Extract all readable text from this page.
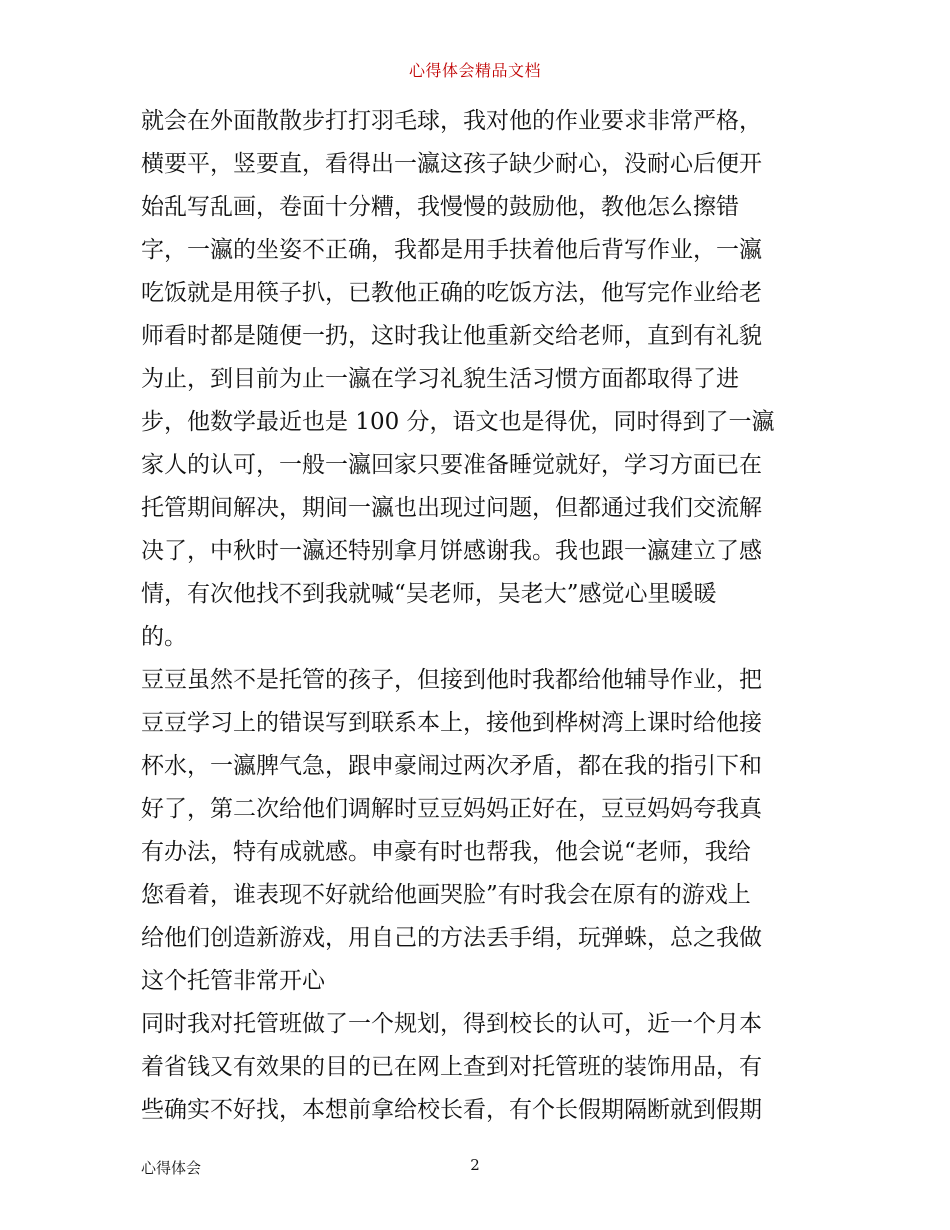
心得体会精品文档
就会在外面散散步打打羽毛球，我对他的作业要求非常严格，
横要平，竖要直，看得出一瀛这孩子缺少耐心，没耐心后便开
始乱写乱画，卷面十分糟，我慢慢的鼓励他，教他怎么擦错
字，一瀛的坐姿不正确，我都是用手扶着他后背写作业，一瀛
吃饭就是用筷子扒，已教他正确的吃饭方法，他写完作业给老
师看时都是随便一扔，这时我让他重新交给老师，直到有礼貌
为止，到目前为止一瀛在学习礼貌生活习惯方面都取得了进
步，他数学最近也是 100 分，语文也是得优，同时得到了一瀛
家人的认可，一般一瀛回家只要准备睡觉就好，学习方面已在
托管期间解决，期间一瀛也出现过问题，但都通过我们交流解
决了，中秋时一瀛还特别拿月饼感谢我。我也跟一瀛建立了感
情，有次他找不到我就喊“吴老师，吴老大”感觉心里暖暖
的。
豆豆虽然不是托管的孩子，但接到他时我都给他辅导作业，把
豆豆学习上的错误写到联系本上，接他到桦树湾上课时给他接
杯水，一瀛脾气急，跟申豪闹过两次矛盾，都在我的指引下和
好了，第二次给他们调解时豆豆妈妈正好在，豆豆妈妈夸我真
有办法，特有成就感。申豪有时也帮我，他会说“老师，我给
您看着，谁表现不好就给他画哭脸”有时我会在原有的游戏上
给他们创造新游戏，用自己的方法丢手绢，玩弹蛛，总之我做
这个托管非常开心
同时我对托管班做了一个规划，得到校长的认可，近一个月本
着省钱又有效果的目的已在网上查到对托管班的装饰用品，有
些确实不好找，本想前拿给校长看，有个长假期隔断就到假期
心得体会	2
